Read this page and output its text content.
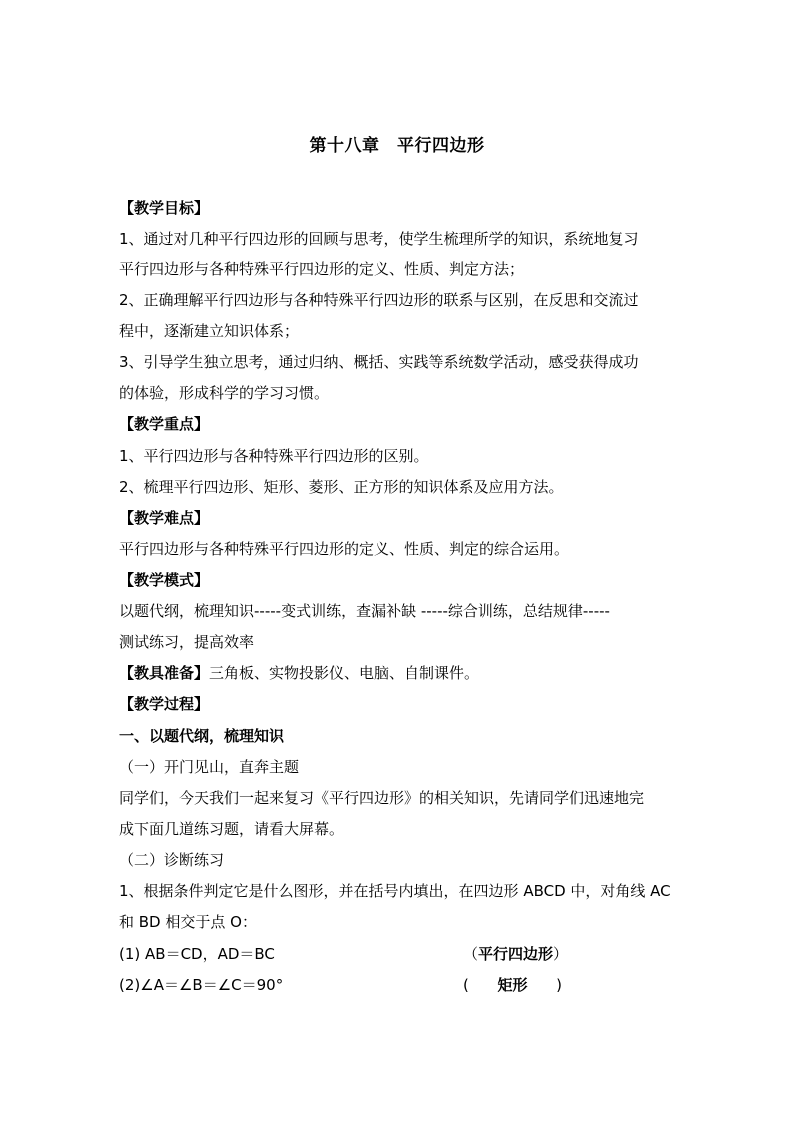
第十八章　平行四边形
【教学目标】
1、通过对几种平行四边形的回顾与思考，使学生梳理所学的知识，系统地复习
平行四边形与各种特殊平行四边形的定义、性质、判定方法；
2、正确理解平行四边形与各种特殊平行四边形的联系与区别，在反思和交流过
程中，逐渐建立知识体系；
3、引导学生独立思考，通过归纳、概括、实践等系统数学活动，感受获得成功
的体验，形成科学的学习习惯。
【教学重点】
1、平行四边形与各种特殊平行四边形的区别。
2、梳理平行四边形、矩形、菱形、正方形的知识体系及应用方法。
【教学难点】
平行四边形与各种特殊平行四边形的定义、性质、判定的综合运用。
【教学模式】
以题代纲，梳理知识-----变式训练，查漏补缺 -----综合训练，总结规律-----
测试练习，提高效率
【教具准备】三角板、实物投影仪、电脑、自制课件。
【教学过程】
一、以题代纲，梳理知识
（一）开门见山，直奔主题
同学们，今天我们一起来复习《平行四边形》的相关知识，先请同学们迅速地完
成下面几道练习题，请看大屏幕。
（二）诊断练习
1、根据条件判定它是什么图形，并在括号内填出，在四边形 ABCD 中，对角线 AC
和 BD 相交于点 O：
(1) AB＝CD，AD＝BC	（平行四边形）
(2)∠A＝∠B＝∠C＝90°	(      矩形      )
